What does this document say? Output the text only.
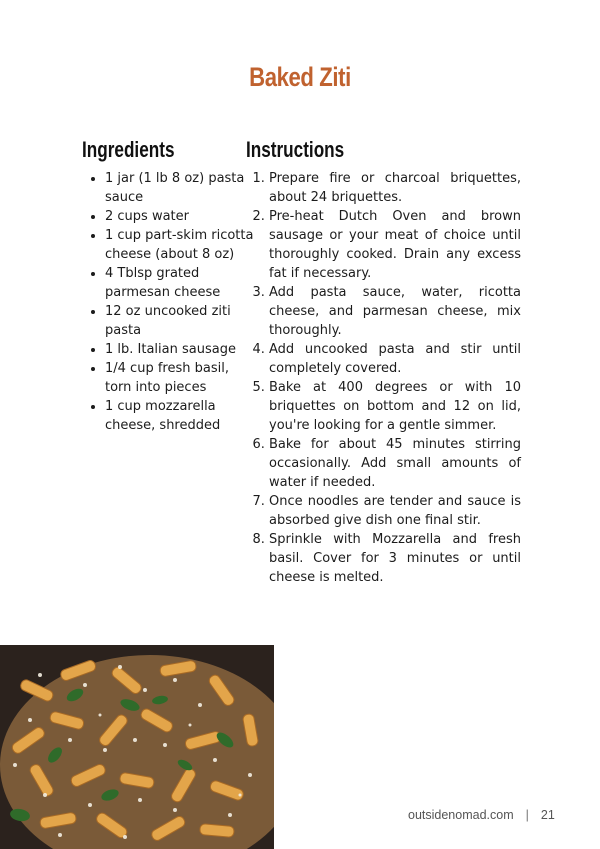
Baked Ziti
Ingredients
• 1 jar (1 lb 8 oz) pasta sauce
• 2 cups water
• 1 cup part-skim ricotta cheese (about 8 oz)
• 4 Tblsp grated parmesan cheese
• 12 oz uncooked ziti pasta
• 1 lb. Italian sausage
• 1/4 cup fresh basil, torn into pieces
• 1 cup mozzarella cheese, shredded
Instructions
1. Prepare fire or charcoal briquettes, about 24 briquettes.
2. Pre-heat Dutch Oven and brown sausage or your meat of choice until thoroughly cooked. Drain any excess fat if necessary.
3. Add pasta sauce, water, ricotta cheese, and parmesan cheese, mix thoroughly.
4. Add uncooked pasta and stir until completely covered.
5. Bake at 400 degrees or with 10 briquettes on bottom and 12 on lid, you're looking for a gentle simmer.
6. Bake for about 45 minutes stirring occasionally. Add small amounts of water if needed.
7. Once noodles are tender and sauce is absorbed give dish one final stir.
8. Sprinkle with Mozzarella and fresh basil. Cover for 3 minutes or until cheese is melted.
outsidenomad.com | 21
